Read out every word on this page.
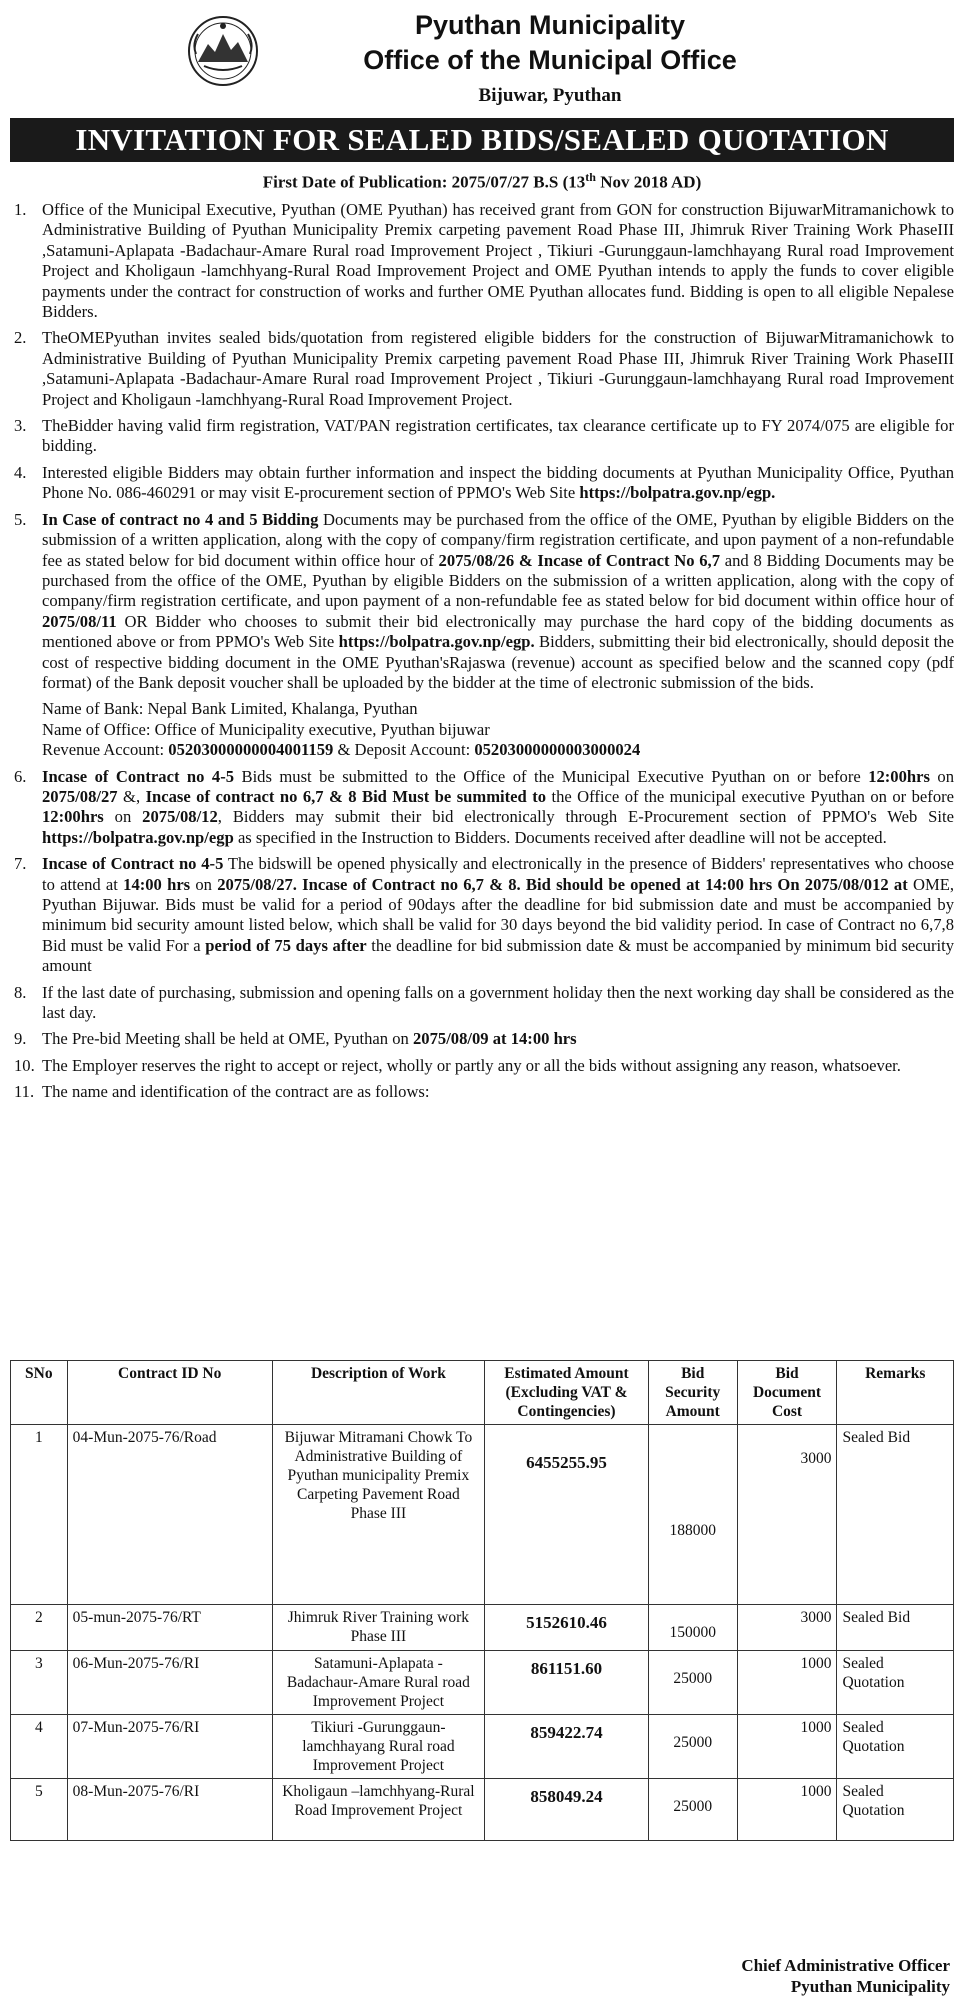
Pyuthan Municipality
Office of the Municipal Office
Bijuwar, Pyuthan
INVITATION FOR SEALED BIDS/SEALED QUOTATION
First Date of Publication: 2075/07/27 B.S (13th Nov 2018 AD)
1. Office of the Municipal Executive, Pyuthan (OME Pyuthan) has received grant from GON for construction BijuwarMitramanichowk to Administrative Building of Pyuthan Municipality Premix carpeting pavement Road Phase III, Jhimruk River Training Work PhaseIII ,Satamuni-Aplapata -Badachaur-Amare Rural road Improvement Project , Tikiuri -Gurunggaun-lamchhayang Rural road Improvement Project and Kholigaun -lamchhyang-Rural Road Improvement Project and OME Pyuthan intends to apply the funds to cover eligible payments under the contract for construction of works and further OME Pyuthan allocates fund. Bidding is open to all eligible Nepalese Bidders.
2. TheOMEPyuthan invites sealed bids/quotation from registered eligible bidders for the construction of BijuwarMitramanichowk to Administrative Building of Pyuthan Municipality Premix carpeting pavement Road Phase III, Jhimruk River Training Work PhaseIII ,Satamuni-Aplapata -Badachaur-Amare Rural road Improvement Project , Tikiuri -Gurunggaun-lamchhayang Rural road Improvement Project and Kholigaun -lamchhyang-Rural Road Improvement Project.
3. TheBidder having valid firm registration, VAT/PAN registration certificates, tax clearance certificate up to FY 2074/075 are eligible for bidding.
4. Interested eligible Bidders may obtain further information and inspect the bidding documents at Pyuthan Municipality Office, Pyuthan Phone No. 086-460291 or may visit E-procurement section of PPMO's Web Site https://bolpatra.gov.np/egp.
5. In Case of contract no 4 and 5 Bidding Documents may be purchased from the office of the OME, Pyuthan by eligible Bidders on the submission of a written application, along with the copy of company/firm registration certificate, and upon payment of a non-refundable fee as stated below for bid document within office hour of 2075/08/26 & Incase of Contract No 6,7 and 8 Bidding Documents may be purchased from the office of the OME, Pyuthan by eligible Bidders on the submission of a written application, along with the copy of company/firm registration certificate, and upon payment of a non-refundable fee as stated below for bid document within office hour of 2075/08/11 OR Bidder who chooses to submit their bid electronically may purchase the hard copy of the bidding documents as mentioned above or from PPMO's Web Site https://bolpatra.gov.np/egp. Bidders, submitting their bid electronically, should deposit the cost of respective bidding document in the OME Pyuthan'sRajaswa (revenue) account as specified below and the scanned copy (pdf format) of the Bank deposit voucher shall be uploaded by the bidder at the time of electronic submission of the bids.
Name of Bank: Nepal Bank Limited, Khalanga, Pyuthan
Name of Office: Office of Municipality executive, Pyuthan bijuwar
Revenue Account: 05203000000004001159 & Deposit Account: 05203000000003000024
6. Incase of Contract no 4-5 Bids must be submitted to the Office of the Municipal Executive Pyuthan on or before 12:00hrs on 2075/08/27 &, Incase of contract no 6,7 & 8 Bid Must be summited to the Office of the municipal executive Pyuthan on or before 12:00hrs on 2075/08/12, Bidders may submit their bid electronically through E-Procurement section of PPMO's Web Site https://bolpatra.gov.np/egp as specified in the Instruction to Bidders. Documents received after deadline will not be accepted.
7. Incase of Contract no 4-5 The bidswill be opened physically and electronically in the presence of Bidders' representatives who choose to attend at 14:00 hrs on 2075/08/27. Incase of Contract no 6,7 & 8. Bid should be opened at 14:00 hrs On 2075/08/012 at OME, Pyuthan Bijuwar. Bids must be valid for a period of 90days after the deadline for bid submission date and must be accompanied by minimum bid security amount listed below, which shall be valid for 30 days beyond the bid validity period. In case of Contract no 6,7,8 Bid must be valid For a period of 75 days after the deadline for bid submission date & must be accompanied by minimum bid security amount
8. If the last date of purchasing, submission and opening falls on a government holiday then the next working day shall be considered as the last day.
9. The Pre-bid Meeting shall be held at OME, Pyuthan on 2075/08/09 at 14:00 hrs
10. The Employer reserves the right to accept or reject, wholly or partly any or all the bids without assigning any reason, whatsoever.
11. The name and identification of the contract are as follows:
SNo	Contract ID No	Description of Work	Estimated Amount (Excluding VAT & Contingencies)	Bid Security Amount	Bid Document Cost	Remarks
1	04-Mun-2075-76/Road	Bijuwar Mitramani Chowk To Administrative Building of Pyuthan municipality Premix Carpeting Pavement Road Phase III	6455255.95	188000	3000	Sealed Bid
2	05-mun-2075-76/RT	Jhimruk River Training work Phase III	5152610.46	150000	3000	Sealed Bid
3	06-Mun-2075-76/RI	Satamuni-Aplapata - Badachaur-Amare Rural road Improvement Project	861151.60	25000	1000	Sealed Quotation
4	07-Mun-2075-76/RI	Tikiuri -Gurunggaun-lamchhayang Rural road Improvement Project	859422.74	25000	1000	Sealed Quotation
5	08-Mun-2075-76/RI	Kholigaun –lamchhyang-Rural Road Improvement Project	858049.24	25000	1000	Sealed Quotation
Chief Administrative Officer
Pyuthan Municipality
